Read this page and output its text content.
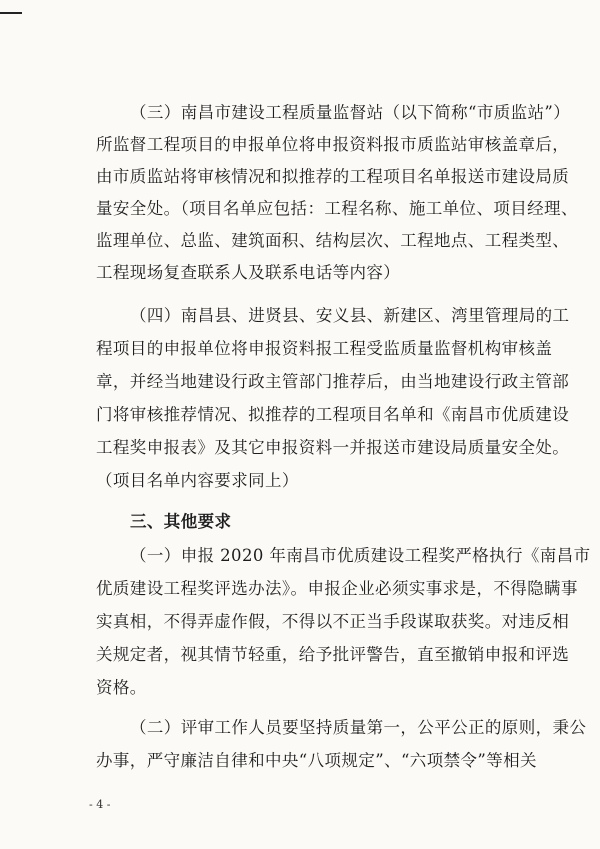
（三）南昌市建设工程质量监督站（以下简称“市质监站”）
所监督工程项目的申报单位将申报资料报市质监站审核盖章后，
由市质监站将审核情况和拟推荐的工程项目名单报送市建设局质
量安全处。（项目名单应包括：工程名称、施工单位、项目经理、
监理单位、总监、建筑面积、结构层次、工程地点、工程类型、
工程现场复查联系人及联系电话等内容）
（四）南昌县、进贤县、安义县、新建区、湾里管理局的工
程项目的申报单位将申报资料报工程受监质量监督机构审核盖
章，并经当地建设行政主管部门推荐后，由当地建设行政主管部
门将审核推荐情况、拟推荐的工程项目名单和《南昌市优质建设
工程奖申报表》及其它申报资料一并报送市建设局质量安全处。
（项目名单内容要求同上）
三、其他要求
（一）申报 2020 年南昌市优质建设工程奖严格执行《南昌市
优质建设工程奖评选办法》。申报企业必须实事求是，不得隐瞒事
实真相，不得弄虚作假，不得以不正当手段谋取获奖。对违反相
关规定者，视其情节轻重，给予批评警告，直至撤销申报和评选
资格。
（二）评审工作人员要坚持质量第一，公平公正的原则，秉公
办事，严守廉洁自律和中央“八项规定”、“六项禁令”等相关
- 4 -
